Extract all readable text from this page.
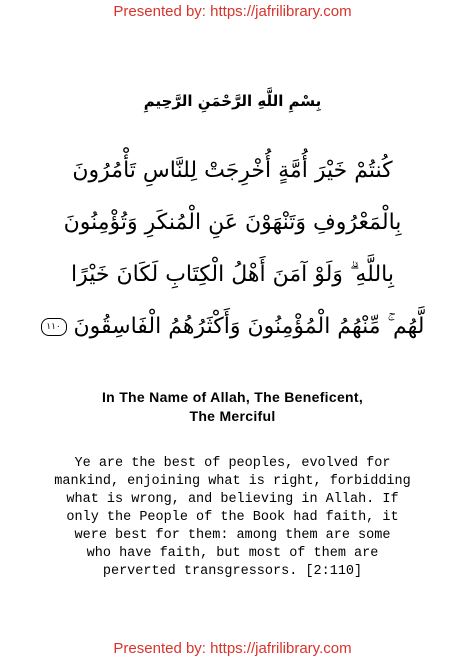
Presented by: https://jafrilibrary.com
بِسْمِ اللَّهِ الرَّحْمَنِ الرَّحِيمِ
كُنتُمْ خَيْرَ أُمَّةٍ أُخْرِجَتْ لِلنَّاسِ تَأْمُرُونَ
بِالْمَعْرُوفِ وَتَنْهَوْنَ عَنِ الْمُنكَرِ وَتُؤْمِنُونَ
بِاللَّهِ ۗ وَلَوْ آمَنَ أَهْلُ الْكِتَابِ لَكَانَ خَيْرًا
لَّهُم ۚ مِّنْهُمُ الْمُؤْمِنُونَ وَأَكْثَرُهُمُ الْفَاسِقُونَ ١١٠
In The Name of Allah, The Beneficent,
The Merciful
Ye are the best of peoples, evolved for
mankind, enjoining what is right, forbidding
what is wrong, and believing in Allah. If
only the People of the Book had faith, it
were best for them: among them are some
who have faith, but most of them are
perverted transgressors. [2:110]
Presented by: https://jafrilibrary.com
